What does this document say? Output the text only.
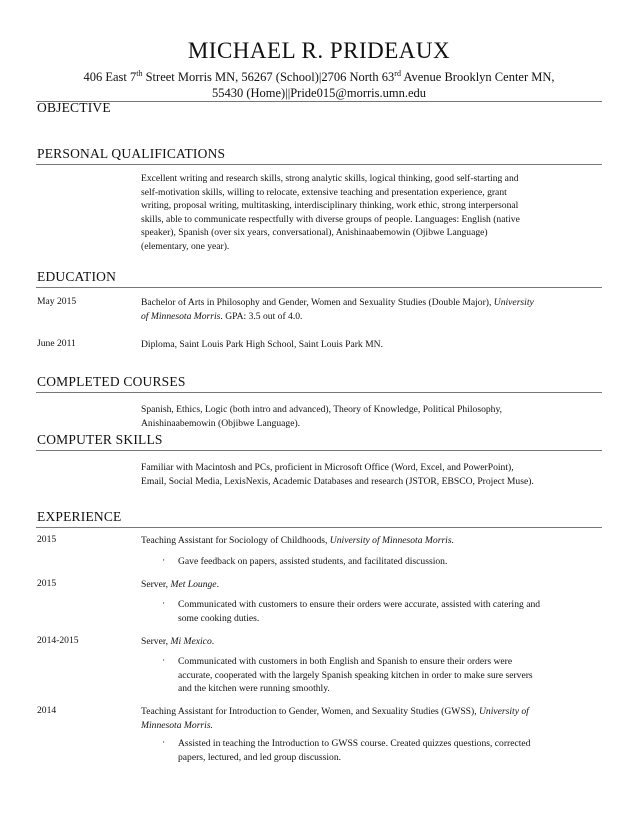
MICHAEL R. PRIDEAUX
406 East 7th Street Morris MN, 56267 (School)|2706 North 63rd Avenue Brooklyn Center MN,
55430 (Home)||Pride015@morris.umn.edu
OBJECTIVE
PERSONAL QUALIFICATIONS
Excellent writing and research skills, strong analytic skills, logical thinking, good self-starting and
self-motivation skills, willing to relocate, extensive teaching and presentation experience, grant
writing, proposal writing, multitasking, interdisciplinary thinking, work ethic, strong interpersonal
skills, able to communicate respectfully with diverse groups of people. Languages: English (native
speaker), Spanish (over six years, conversational), Anishinaabemowin (Ojibwe Language)
(elementary, one year).
EDUCATION
May 2015	Bachelor of Arts in Philosophy and Gender, Women and Sexuality Studies (Double Major), University
of Minnesota Morris. GPA: 3.5 out of 4.0.
June 2011	Diploma, Saint Louis Park High School, Saint Louis Park MN.
COMPLETED COURSES
Spanish, Ethics, Logic (both intro and advanced), Theory of Knowledge, Political Philosophy,
Anishinaabemowin (Objibwe Language).
COMPUTER SKILLS
Familiar with Macintosh and PCs, proficient in Microsoft Office (Word, Excel, and PowerPoint),
Email, Social Media, LexisNexis, Academic Databases and research (JSTOR, EBSCO, Project Muse).
EXPERIENCE
2015	Teaching Assistant for Sociology of Childhoods, University of Minnesota Morris.
· Gave feedback on papers, assisted students, and facilitated discussion.
2015	Server, Met Lounge.
· Communicated with customers to ensure their orders were accurate, assisted with catering and
some cooking duties.
2014-2015	Server, Mi Mexico.
· Communicated with customers in both English and Spanish to ensure their orders were
accurate, cooperated with the largely Spanish speaking kitchen in order to make sure servers
and the kitchen were running smoothly.
2014	Teaching Assistant for Introduction to Gender, Women, and Sexuality Studies (GWSS), University of
Minnesota Morris.
· Assisted in teaching the Introduction to GWSS course. Created quizzes questions, corrected
papers, lectured, and led group discussion.
